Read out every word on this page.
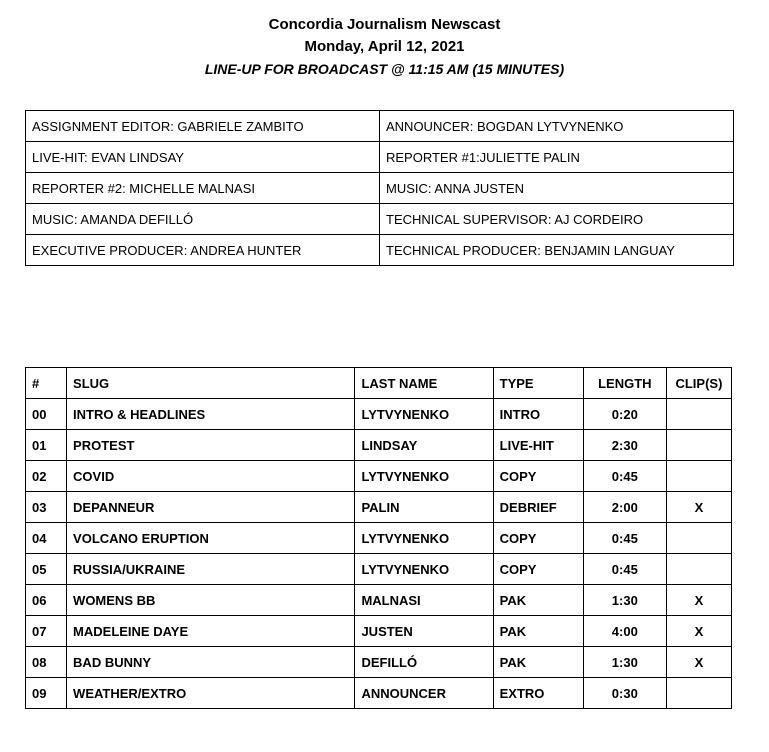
Concordia Journalism Newscast
Monday, April 12, 2021
LINE-UP FOR BROADCAST @ 11:15 AM (15 MINUTES)
ASSIGNMENT EDITOR: GABRIELE ZAMBITO	ANNOUNCER: BOGDAN LYTVYNENKO
LIVE-HIT: EVAN LINDSAY	REPORTER #1:JULIETTE PALIN
REPORTER #2: MICHELLE MALNASI	MUSIC: ANNA JUSTEN
MUSIC: AMANDA DEFILLÓ	TECHNICAL SUPERVISOR: AJ CORDEIRO
EXECUTIVE PRODUCER: ANDREA HUNTER	TECHNICAL PRODUCER: BENJAMIN LANGUAY
#	SLUG	LAST NAME	TYPE	LENGTH	CLIP(S)
00	INTRO & HEADLINES	LYTVYNENKO	INTRO	0:20	
01	PROTEST	LINDSAY	LIVE-HIT	2:30	
02	COVID	LYTVYNENKO	COPY	0:45	
03	DEPANNEUR	PALIN	DEBRIEF	2:00	X
04	VOLCANO ERUPTION	LYTVYNENKO	COPY	0:45	
05	RUSSIA/UKRAINE	LYTVYNENKO	COPY	0:45	
06	WOMENS BB	MALNASI	PAK	1:30	X
07	MADELEINE DAYE	JUSTEN	PAK	4:00	X
08	BAD BUNNY	DEFILLÓ	PAK	1:30	X
09	WEATHER/EXTRO	ANNOUNCER	EXTRO	0:30	
